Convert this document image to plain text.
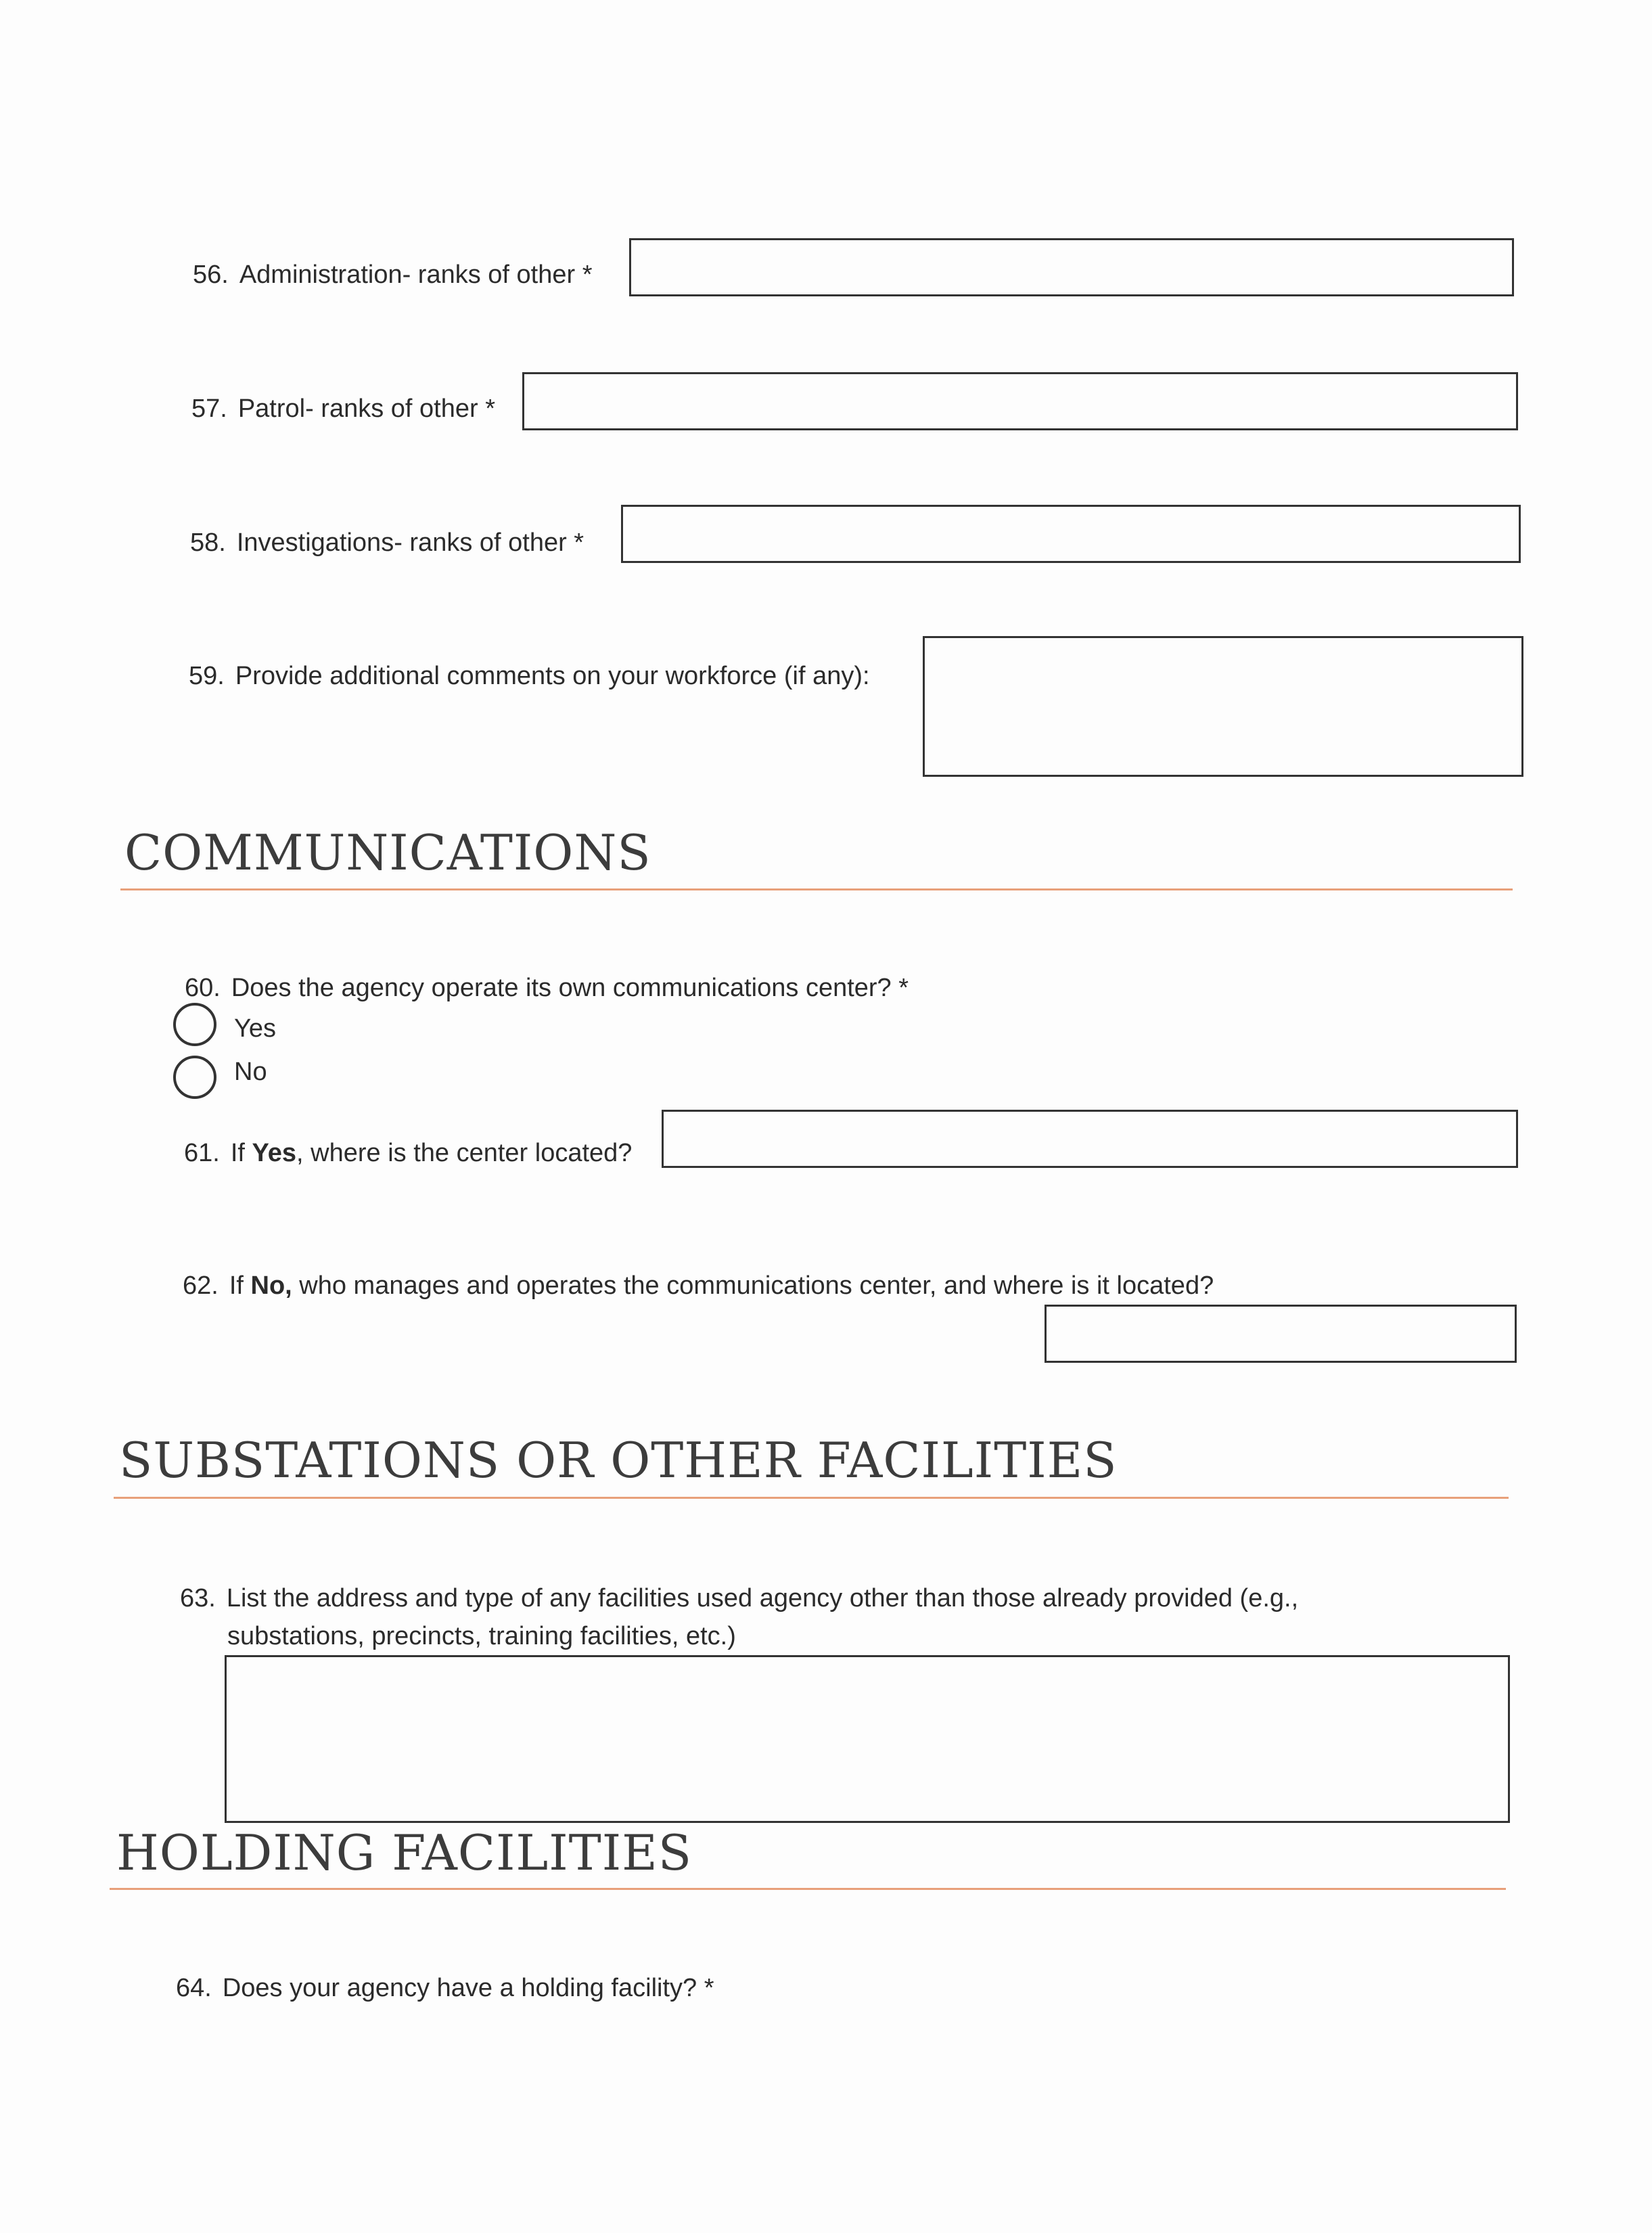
56. Administration- ranks of other *
57. Patrol- ranks of other *
58. Investigations- ranks of other *
59. Provide additional comments on your workforce (if any):
COMMUNICATIONS
60. Does the agency operate its own communications center? *
Yes
No
61. If Yes, where is the center located?
62. If No, who manages and operates the communications center, and where is it located?
SUBSTATIONS OR OTHER FACILITIES
63. List the address and type of any facilities used agency other than those already provided (e.g.,
substations, precincts, training facilities, etc.)
HOLDING FACILITIES
64. Does your agency have a holding facility? *
